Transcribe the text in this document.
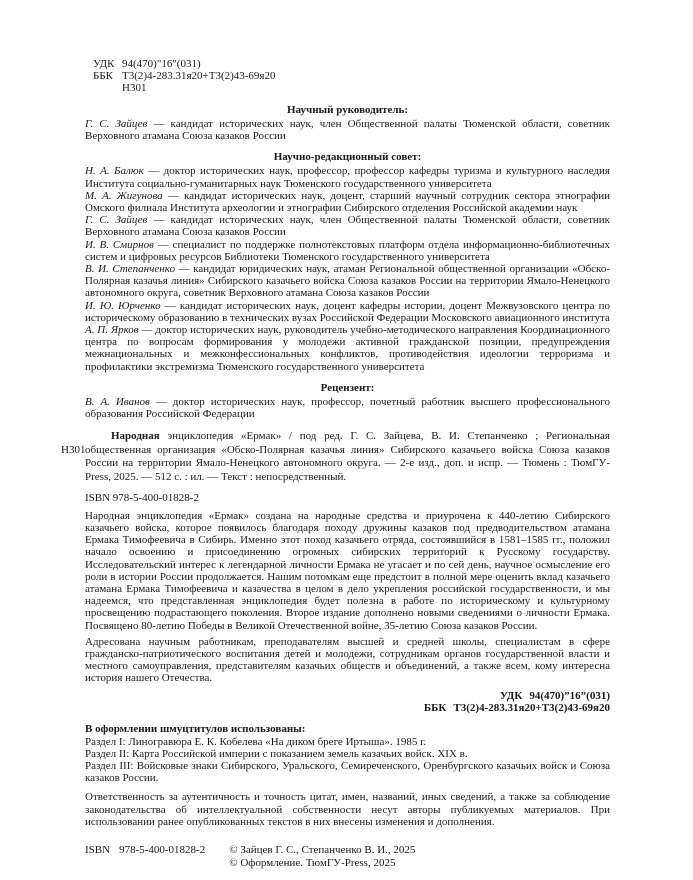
УДК 94(470)"16"(031)
ББК Т3(2)4-283.31я20+Т3(2)43-69я20
Н301
Научный руководитель:

Г. С. Зайцев — кандидат исторических наук, член Общественной палаты Тюменской области, советник Верховного атамана Союза казаков России

Научно-редакционный совет:

Н. А. Балюк — доктор исторических наук, профессор, профессор кафедры туризма и культурного наследия Института социально-гуманитарных наук Тюменского государственного университета

М. А. Жигунова — кандидат исторических наук, доцент, старший научный сотрудник сектора этнографии Омского филиала Института археологии и этнографии Сибирского отделения Российской академии наук

Г. С. Зайцев — кандидат исторических наук, член Общественной палаты Тюменской области, советник Верховного атамана Союза казаков России

И. В. Смирнов — специалист по поддержке полнотекстовых платформ отдела информационно-библиотечных систем и цифровых ресурсов Библиотеки Тюменского государственного университета

В. И. Степанченко — кандидат юридических наук, атаман Региональной общественной организации «Обско-Полярная казачья линия» Сибирского казачьего войска Союза казаков России на территории Ямало-Ненецкого автономного округа, советник Верховного атамана Союза казаков России

И. Ю. Юрченко — кандидат исторических наук, доцент кафедры истории, доцент Межвузовского центра по историческому образованию в технических вузах Российской Федерации Московского авиационного института

А. П. Ярков — доктор исторических наук, руководитель учебно-методического направления Координационного центра по вопросам формирования у молодежи активной гражданской позиции, предупреждения межнациональных и межконфессиональных конфликтов, противодействия идеологии терроризма и профилактики экстремизма Тюменского государственного университета

Рецензент:

В. А. Иванов — доктор исторических наук, профессор, почетный работник высшего профессионального образования Российской Федерации

Н301

Народная энциклопедия «Ермак» / под ред. Г. С. Зайцева, В. И. Степанченко ; Региональная общественная организация «Обско-Полярная казачья линия» Сибирского казачьего войска Союза казаков России на территории Ямало-Ненецкого автономного округа. — 2-е изд., доп. и испр. — Тюмень : ТюмГУ-Press, 2025. — 512 с. : ил. — Текст : непосредственный.

ISBN 978-5-400-01828-2

Народная энциклопедия «Ермак» создана на народные средства и приурочена к 440-летию Сибирского казачьего войска, которое появилось благодаря походу дружины казаков под предводительством атамана Ермака Тимофеевича в Сибирь. Именно этот поход казачьего отряда, состоявшийся в 1581–1585 гг., положил начало освоению и присоединению огромных сибирских территорий к Русскому государству. Исследовательский интерес к легендарной личности Ермака не угасает и по сей день, научное осмысление его роли в истории России продолжается. Нашим потомкам еще предстоит в полной мере оценить вклад казачьего атамана Ермака Тимофеевича и казачества в целом в дело укрепления российской государственности, и мы надеемся, что представленная энциклопедия будет полезна в работе по историческому и культурному просвещению подрастающего поколения. Второе издание дополнено новыми сведениями о личности Ермака. Посвящено 80-летию Победы в Великой Отечественной войне, 35-летию Союза казаков России.

Адресована научным работникам, преподавателям высшей и средней школы, специалистам в сфере гражданско-патриотического воспитания детей и молодежи, сотрудникам органов государственной власти и местного самоуправления, представителям казачьих обществ и объединений, а также всем, кому интересна история нашего Отечества.

УДК 94(470)”16”(031)
ББК Т3(2)4-283.31я20+Т3(2)43-69я20

В оформлении шмуцтитулов использованы:

Раздел I: Линогравюра Е. К. Кобелева «На диком бреге Иртыша». 1985 г.

Раздел II: Карта Российской империи с показанием земель казачьих войск. XIX в.

Раздел III: Войсковые знаки Сибирского, Уральского, Семиреченского, Оренбургского казачьих войск и Союза казаков России.

Ответственность за аутентичность и точность цитат, имен, названий, иных сведений, а также за соблюдение законодательства об интеллектуальной собственности несут авторы публикуемых материалов. При использовании ранее опубликованных текстов в них внесены изменения и дополнения.

ISBN 978-5-400-01828-2 © Зайцев Г. С., Степанченко В. И., 2025
© Оформление. ТюмГУ-Press, 2025
